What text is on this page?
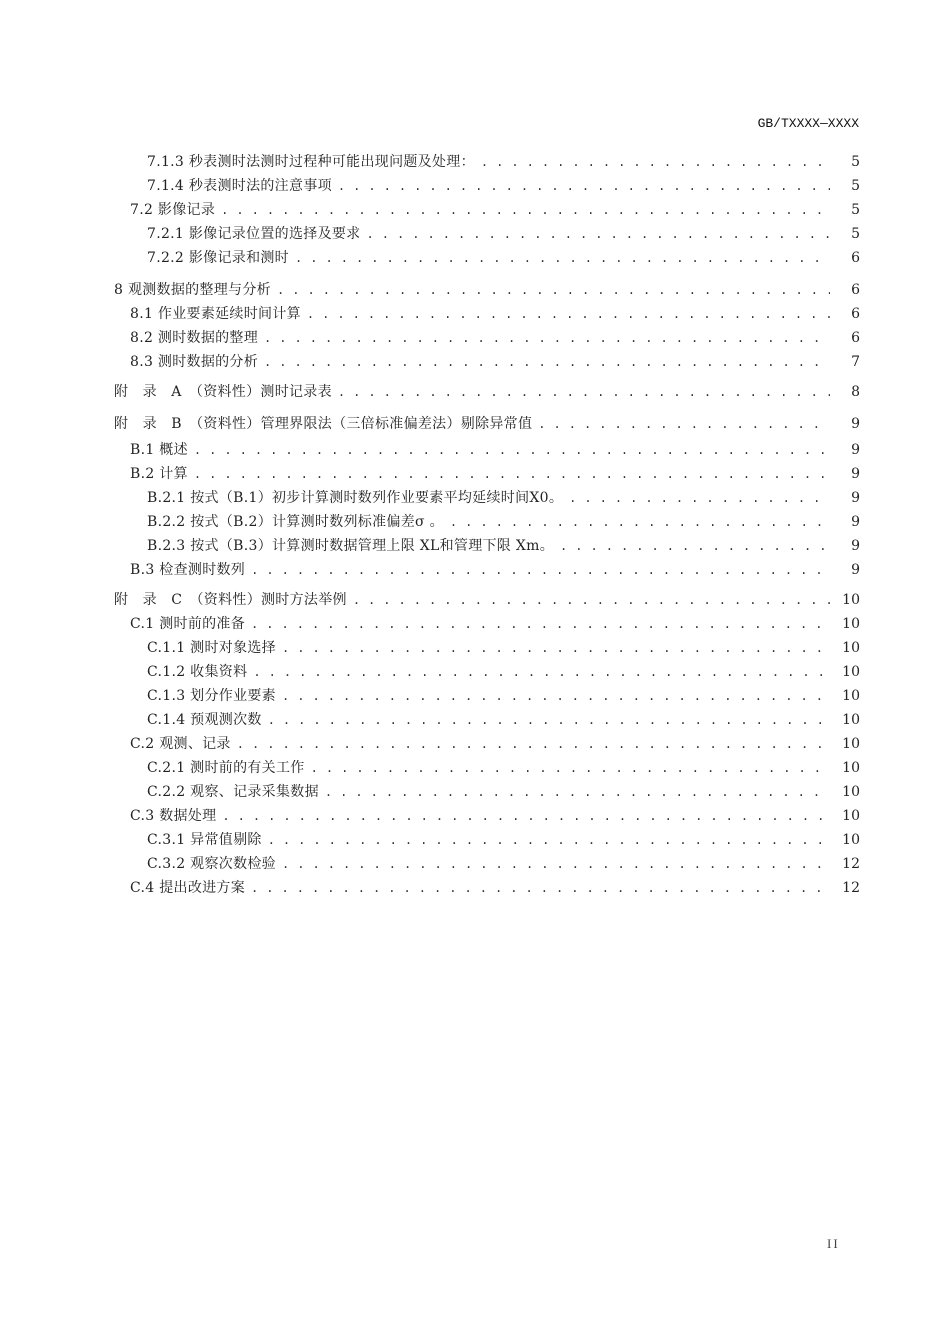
GB/TXXXX—XXXX
7.1.3 秒表测时法测时过程种可能出现问题及处理： . . .	5
7.1.4 秒表测时法的注意事项 . . .	5
7.2 影像记录 . . .	5
7.2.1 影像记录位置的选择及要求 . . .	5
7.2.2 影像记录和测时 . . .	6
8 观测数据的整理与分析 . . .	6
8.1 作业要素延续时间计算 . . .	6
8.2 测时数据的整理 . . .	6
8.3 测时数据的分析 . . .	7
附　录　A　（资料性）测时记录表 . . .	8
附　录　B　（资料性）管理界限法（三倍标准偏差法）剔除异常值 . . .	9
B.1 概述 . . .	9
B.2 计算 . . .	9
B.2.1 按式（B.1）初步计算测时数列作业要素平均延续时间X0。 . . .	9
B.2.2 按式（B.2）计算测时数列标准偏差σ 。 . . .	9
B.2.3 按式（B.3）计算测时数据管理上限 XL和管理下限 Xm。 . . .	9
B.3 检查测时数列 . . .	9
附　录　C　（资料性）测时方法举例 . . .	10
C.1 测时前的准备 . . .	10
C.1.1 测时对象选择 . . .	10
C.1.2 收集资料 . . .	10
C.1.3 划分作业要素 . . .	10
C.1.4 预观测次数 . . .	10
C.2 观测、记录 . . .	10
C.2.1 测时前的有关工作 . . .	10
C.2.2 观察、记录采集数据 . . .	10
C.3 数据处理 . . .	10
C.3.1 异常值剔除 . . .	10
C.3.2 观察次数检验 . . .	12
C.4 提出改进方案 . . .	12
II
